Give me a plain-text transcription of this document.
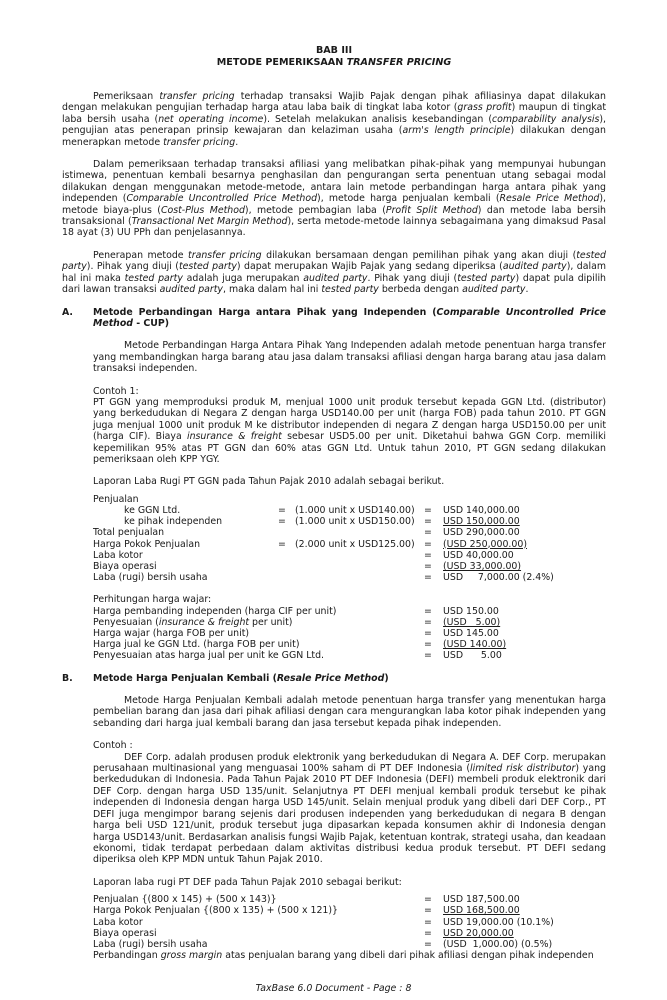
BAB III
METODE PEMERIKSAAN TRANSFER PRICING

Pemeriksaan transfer pricing terhadap transaksi Wajib Pajak dengan pihak afiliasinya dapat dilakukan dengan melakukan pengujian terhadap harga atau laba baik di tingkat laba kotor (grass profit) maupun di tingkat laba bersih usaha (net operating income). Setelah melakukan analisis kesebandingan (comparability analysis), pengujian atas penerapan prinsip kewajaran dan kelaziman usaha (arm's length principle) dilakukan dengan menerapkan metode transfer pricing.

Dalam pemeriksaan terhadap transaksi afiliasi yang melibatkan pihak-pihak yang mempunyai hubungan istimewa, penentuan kembali besarnya penghasilan dan pengurangan serta penentuan utang sebagai modal dilakukan dengan menggunakan metode-metode, antara lain metode perbandingan harga antara pihak yang independen (Comparable Uncontrolled Price Method), metode harga penjualan kembali (Resale Price Method), metode biaya-plus (Cost-Plus Method), metode pembagian laba (Profit Split Method) dan metode laba bersih transaksional (Transactional Net Margin Method), serta metode-metode lainnya sebagaimana yang dimaksud Pasal 18 ayat (3) UU PPh dan penjelasannya.

Penerapan metode transfer pricing dilakukan bersamaan dengan pemilihan pihak yang akan diuji (tested party). Pihak yang diuji (tested party) dapat merupakan Wajib Pajak yang sedang diperiksa (audited party), dalam hal ini maka tested party adalah juga merupakan audited party. Pihak yang diuji (tested party) dapat pula dipilih dari lawan transaksi audited party, maka dalam hal ini tested party berbeda dengan audited party.

A.	Metode Perbandingan Harga antara Pihak yang Independen (Comparable Uncontrolled Price Method - CUP)

Metode Perbandingan Harga Antara Pihak Yang Independen adalah metode penentuan harga transfer yang membandingkan harga barang atau jasa dalam transaksi afiliasi dengan harga barang atau jasa dalam transaksi independen.

Contoh 1:

PT GGN yang memproduksi produk M, menjual 1000 unit produk tersebut kepada GGN Ltd. (distributor) yang berkedudukan di Negara Z dengan harga USD140.00 per unit (harga FOB) pada tahun 2010. PT GGN juga menjual 1000 unit produk M ke distributor independen di negara Z dengan harga USD150.00 per unit (harga CIF). Biaya insurance & freight sebesar USD5.00 per unit. Diketahui bahwa GGN Corp. memiliki kepemilikan 95% atas PT GGN dan 60% atas GGN Ltd. Untuk tahun 2010, PT GGN sedang dilakukan pemeriksaan oleh KPP YGY.

Laporan Laba Rugi PT GGN pada Tahun Pajak 2010 adalah sebagai berikut.
Penjualan
ke GGN Ltd.	= (1.000 unit x USD140.00) = USD 140,000.00
ke pihak independen	= (1.000 unit x USD150.00) = USD 150,000.00
Total penjualan	= USD 290,000.00
Harga Pokok Penjualan	= (2.000 unit x USD125.00) = (USD 250,000.00)
Laba kotor	= USD 40,000.00
Biaya operasi	= (USD 33,000.00)
Laba (rugi) bersih usaha	= USD     7,000.00 (2.4%)
Perhitungan harga wajar:
Harga pembanding independen (harga CIF per unit)	= USD 150.00
Penyesuaian (insurance & freight per unit)	= (USD   5.00)
Harga wajar (harga FOB per unit)	= USD 145.00
Harga jual ke GGN Ltd. (harga FOB per unit)	= (USD 140.00)
Penyesuaian atas harga jual per unit ke GGN Ltd.	= USD      5.00
B.	Metode Harga Penjualan Kembali (Resale Price Method)

Metode Harga Penjualan Kembali adalah metode penentuan harga transfer yang menentukan harga pembelian barang dan jasa dari pihak afiliasi dengan cara mengurangkan laba kotor pihak independen yang sebanding dari harga jual kembali barang dan jasa tersebut kepada pihak independen.

Contoh :

DEF Corp. adalah produsen produk elektronik yang berkedudukan di Negara A. DEF Corp. merupakan perusahaan multinasional yang menguasai 100% saham di PT DEF Indonesia (limited risk distributor) yang berkedudukan di Indonesia. Pada Tahun Pajak 2010 PT DEF Indonesia (DEFI) membeli produk elektronik dari DEF Corp. dengan harga USD 135/unit. Selanjutnya PT DEFI menjual kembali produk tersebut ke pihak independen di Indonesia dengan harga USD 145/unit. Selain menjual produk yang dibeli dari DEF Corp., PT DEFI juga mengimpor barang sejenis dari produsen independen yang berkedudukan di negara B dengan harga beli USD 121/unit, produk tersebut juga dipasarkan kepada konsumen akhir di Indonesia dengan harga USD143/unit. Berdasarkan analisis fungsi Wajib Pajak, ketentuan kontrak, strategi usaha, dan keadaan ekonomi, tidak terdapat perbedaan dalam aktivitas distribusi kedua produk tersebut. PT DEFI sedang diperiksa oleh KPP MDN untuk Tahun Pajak 2010.

Laporan laba rugi PT DEF pada Tahun Pajak 2010 sebagai berikut:
Penjualan {(800 x 145) + (500 x 143)}	= USD 187,500.00
Harga Pokok Penjualan {(800 x 135) + (500 x 121)}	= USD 168,500.00
Laba kotor	= USD 19,000.00 (10.1%)
Biaya operasi	= USD 20,000.00
Laba (rugi) bersih usaha	= (USD  1,000.00) (0.5%)

Perbandingan gross margin atas penjualan barang yang dibeli dari pihak afiliasi dengan pihak independen

TaxBase 6.0 Document - Page : 8
